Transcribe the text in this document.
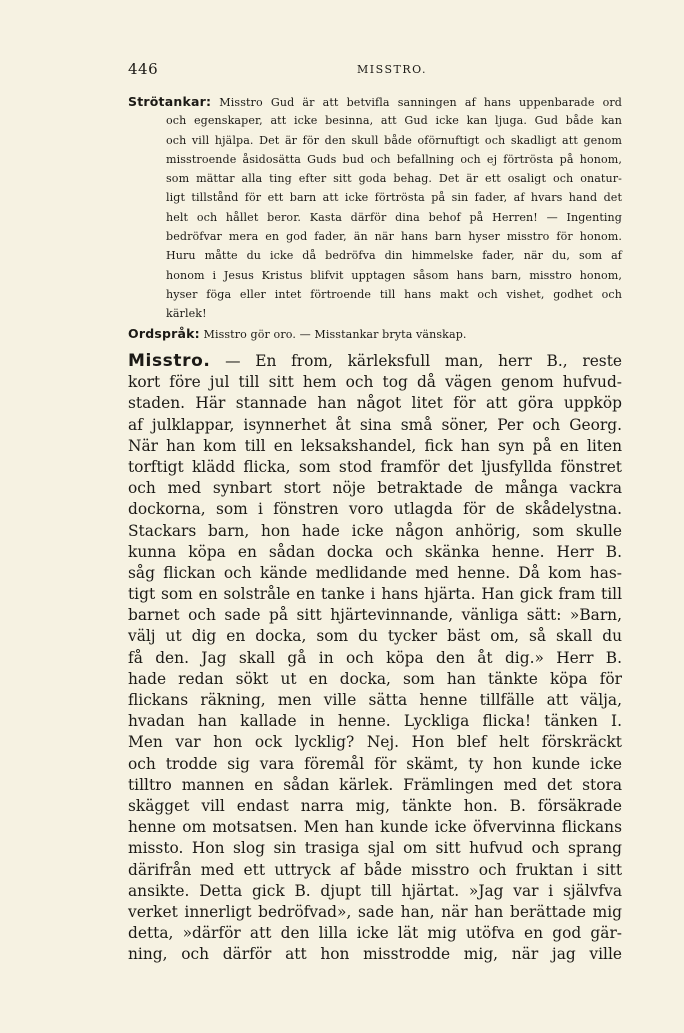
446	MISSTRO.
Strötankar: Misstro Gud är att betvifla sanningen af hans uppenbarade ord
och egenskaper, att icke besinna, att Gud icke kan ljuga. Gud både kan
och vill hjälpa. Det är för den skull både oförnuftigt och skadligt att genom
misstroende åsidosätta Guds bud och befallning och ej förtrösta på honom,
som mättar alla ting efter sitt goda behag. Det är ett osaligt och onatur-
ligt tillstånd för ett barn att icke förtrösta på sin fader, af hvars hand det
helt och hållet beror. Kasta därför dina behof på Herren! — Ingenting
bedröfvar mera en god fader, än när hans barn hyser misstro för honom.
Huru måtte du icke då bedröfva din himmelske fader, när du, som af
honom i Jesus Kristus blifvit upptagen såsom hans barn, misstro honom,
hyser föga eller intet förtroende till hans makt och vishet, godhet och
kärlek!
Ordspråk: Misstro gör oro. — Misstankar bryta vänskap.
Misstro. — En from, kärleksfull man, herr B., reste
kort före jul till sitt hem och tog då vägen genom hufvud-
staden. Här stannade han något litet för att göra uppköp
af julklappar, isynnerhet åt sina små söner, Per och Georg.
När han kom till en leksakshandel, fick han syn på en liten
torftigt klädd flicka, som stod framför det ljusfyllda fönstret
och med synbart stort nöje betraktade de många vackra
dockorna, som i fönstren voro utlagda för de skådelystna.
Stackars barn, hon hade icke någon anhörig, som skulle
kunna köpa en sådan docka och skänka henne. Herr B.
såg flickan och kände medlidande med henne. Då kom has-
tigt som en solstråle en tanke i hans hjärta. Han gick fram till
barnet och sade på sitt hjärtevinnande, vänliga sätt: »Barn,
välj ut dig en docka, som du tycker bäst om, så skall du
få den. Jag skall gå in och köpa den åt dig.» Herr B.
hade redan sökt ut en docka, som han tänkte köpa för
flickans räkning, men ville sätta henne tillfälle att välja,
hvadan han kallade in henne. Lyckliga flicka! tänken I.
Men var hon ock lycklig? Nej. Hon blef helt förskräckt
och trodde sig vara föremål för skämt, ty hon kunde icke
tilltro mannen en sådan kärlek. Främlingen med det stora
skägget vill endast narra mig, tänkte hon. B. försäkrade
henne om motsatsen. Men han kunde icke öfvervinna flickans
missto. Hon slog sin trasiga sjal om sitt hufvud och sprang
därifrån med ett uttryck af både misstro och fruktan i sitt
ansikte. Detta gick B. djupt till hjärtat. »Jag var i självfva
verket innerligt bedröfvad», sade han, när han berättade mig
detta, »därför att den lilla icke lät mig utöfva en god gär-
ning, och därför att hon misstrodde mig, när jag ville
